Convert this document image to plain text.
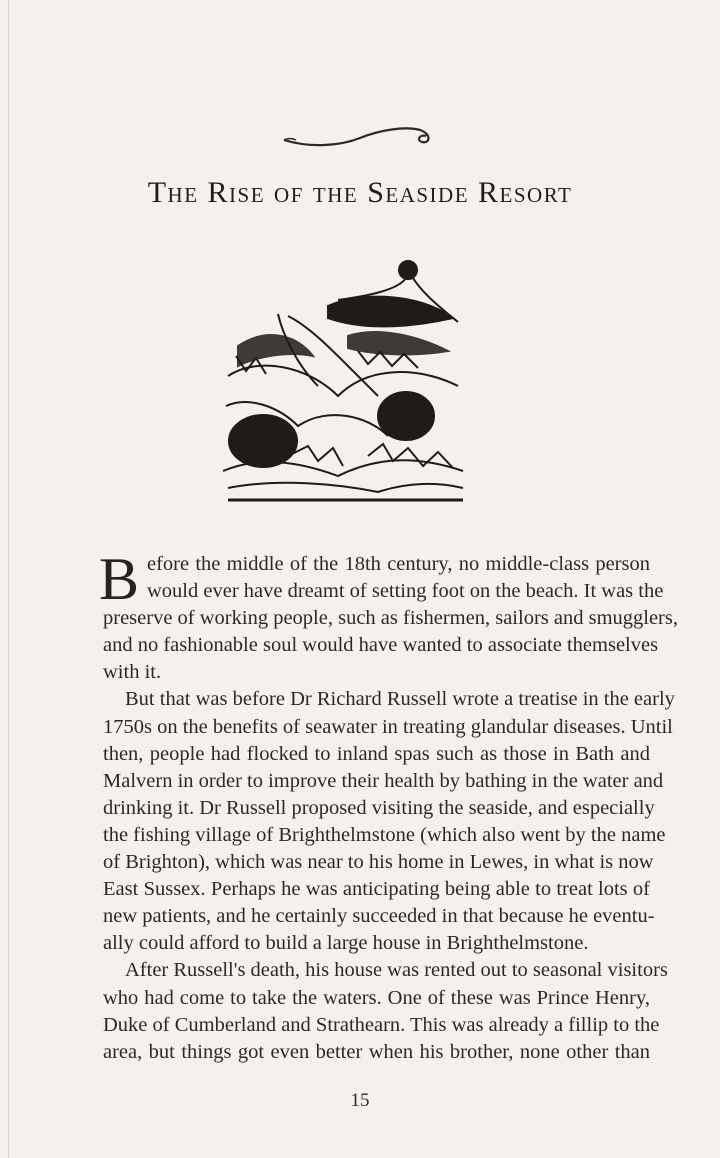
The Rise of the Seaside Resort
B efore the middle of the 18th century, no middle-class person
would ever have dreamt of setting foot on the beach. It was the
preserve of working people, such as fishermen, sailors and smugglers,
and no fashionable soul would have wanted to associate themselves
with it.
But that was before Dr Richard Russell wrote a treatise in the early
1750s on the benefits of seawater in treating glandular diseases. Until
then, people had flocked to inland spas such as those in Bath and
Malvern in order to improve their health by bathing in the water and
drinking it. Dr Russell proposed visiting the seaside, and especially
the fishing village of Brighthelmstone (which also went by the name
of Brighton), which was near to his home in Lewes, in what is now
East Sussex. Perhaps he was anticipating being able to treat lots of
new patients, and he certainly succeeded in that because he eventu-
ally could afford to build a large house in Brighthelmstone.
After Russell's death, his house was rented out to seasonal visitors
who had come to take the waters. One of these was Prince Henry,
Duke of Cumberland and Strathearn. This was already a fillip to the
area, but things got even better when his brother, none other than
15
